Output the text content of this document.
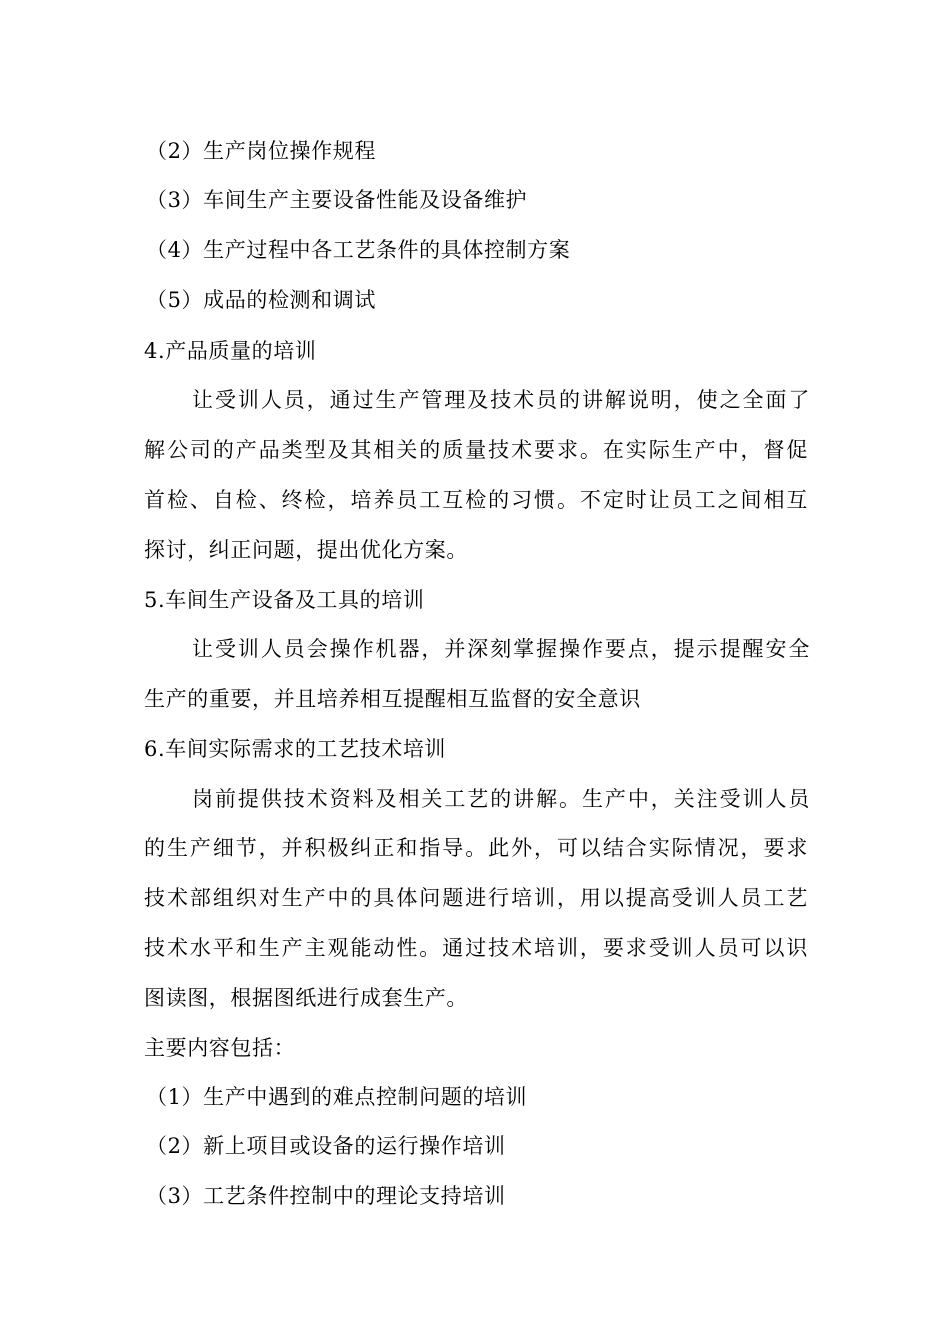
（2）生产岗位操作规程
（3）车间生产主要设备性能及设备维护
（4）生产过程中各工艺条件的具体控制方案
（5）成品的检测和调试
4.产品质量的培训
让受训人员，通过生产管理及技术员的讲解说明，使之全面了
解公司的产品类型及其相关的质量技术要求。在实际生产中，督促
首检、自检、终检，培养员工互检的习惯。不定时让员工之间相互
探讨，纠正问题，提出优化方案。
5.车间生产设备及工具的培训
让受训人员会操作机器，并深刻掌握操作要点，提示提醒安全
生产的重要，并且培养相互提醒相互监督的安全意识
6.车间实际需求的工艺技术培训
岗前提供技术资料及相关工艺的讲解。生产中，关注受训人员
的生产细节，并积极纠正和指导。此外，可以结合实际情况，要求
技术部组织对生产中的具体问题进行培训，用以提高受训人员工艺
技术水平和生产主观能动性。通过技术培训，要求受训人员可以识
图读图，根据图纸进行成套生产。
主要内容包括：
（1）生产中遇到的难点控制问题的培训
（2）新上项目或设备的运行操作培训
（3）工艺条件控制中的理论支持培训
